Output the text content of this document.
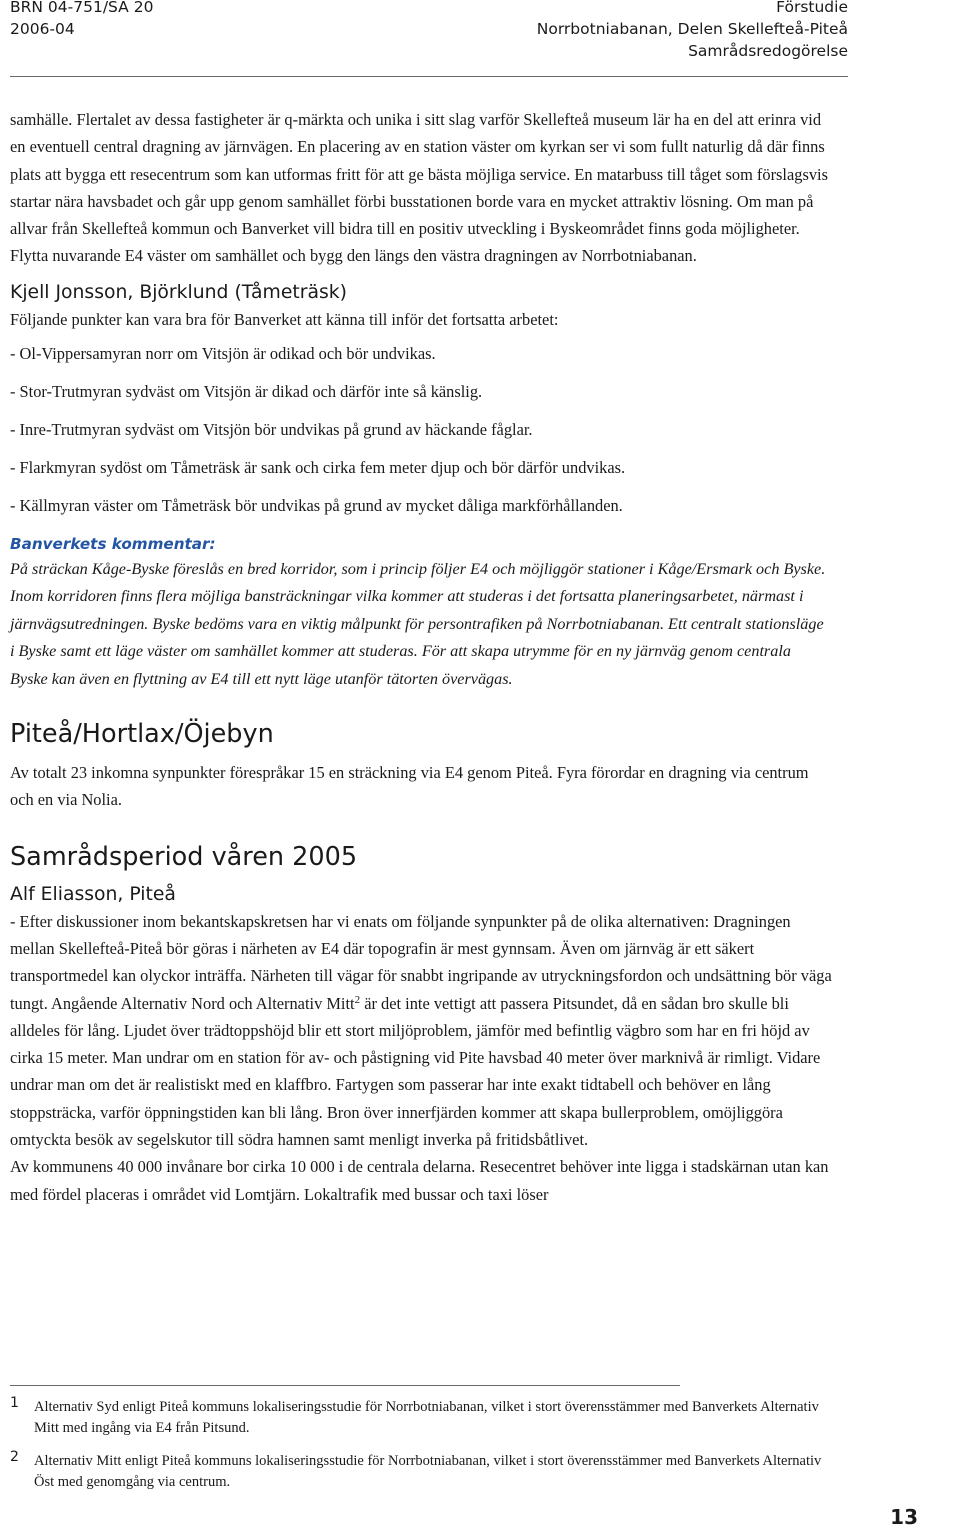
BRN 04-751/SA 20
2006-04
Förstudie
Norrbotniabanan, Delen Skellefteå-Piteå
Samrådsredogörelse

samhälle. Flertalet av dessa fastigheter är q-märkta och unika i sitt slag varför Skellefteå museum lär ha en del att erinra vid en eventuell central dragning av järnvägen. En placering av en station väster om kyrkan ser vi som fullt naturlig då där finns plats att bygga ett resecentrum som kan utformas fritt för att ge bästa möjliga service. En matarbuss till tåget som förslagsvis startar nära havsbadet och går upp genom samhället förbi busstationen borde vara en mycket attraktiv lösning. Om man på allvar från Skellefteå kommun och Banverket vill bidra till en positiv utveckling i Byskeområdet finns goda möjligheter. Flytta nuvarande E4 väster om samhället och bygg den längs den västra dragningen av Norrbotniabanan.

Kjell Jonsson, Björklund (Tåmeträsk)

Följande punkter kan vara bra för Banverket att känna till inför det fortsatta arbetet:

- Ol-Vippersamyran norr om Vitsjön är odikad och bör undvikas.

- Stor-Trutmyran sydväst om Vitsjön är dikad och därför inte så känslig.

- Inre-Trutmyran sydväst om Vitsjön bör undvikas på grund av häckande fåglar.

- Flarkmyran sydöst om Tåmeträsk är sank och cirka fem meter djup och bör därför undvikas.

- Källmyran väster om Tåmeträsk bör undvikas på grund av mycket dåliga markförhållanden.

Banverkets kommentar:

På sträckan Kåge-Byske föreslås en bred korridor, som i princip följer E4 och möjliggör stationer i Kåge/Ersmark och Byske. Inom korridoren finns flera möjliga bansträckningar vilka kommer att studeras i det fortsatta planeringsarbetet, närmast i järnvägsutredningen. Byske bedöms vara en viktig målpunkt för persontrafiken på Norrbotniabanan. Ett centralt stationsläge i Byske samt ett läge väster om samhället kommer att studeras. För att skapa utrymme för en ny järnväg genom centrala Byske kan även en flyttning av E4 till ett nytt läge utanför tätorten övervägas.

Piteå/Hortlax/Öjebyn

Av totalt 23 inkomna synpunkter förespråkar 15 en sträckning via E4 genom Piteå. Fyra förordar en dragning via centrum och en via Nolia.

Samrådsperiod våren 2005
Alf Eliasson, Piteå

- Efter diskussioner inom bekantskapskretsen har vi enats om följande synpunkter på de olika alternativen: Dragningen mellan Skellefteå-Piteå bör göras i närheten av E4 där topografin är mest gynnsam. Även om järnväg är ett säkert transportmedel kan olyckor inträffa. Närheten till vägar för snabbt ingripande av utryckningsfordon och undsättning bör väga tungt. Angående Alternativ Nord och Alternativ Mitt$^2$ är det inte vettigt att passera Pitsundet, då en sådan bro skulle bli alldeles för lång. Ljudet över trädtoppshöjd blir ett stort miljöproblem, jämför med befintlig vägbro som har en fri höjd av cirka 15 meter. Man undrar om en station för av- och påstigning vid Pite havsbad 40 meter över marknivå är rimligt. Vidare undrar man om det är realistiskt med en klaffbro. Fartygen som passerar har inte exakt tidtabell och behöver en lång stoppsträcka, varför öppningstiden kan bli lång. Bron över innerfjärden kommer att skapa bullerproblem, omöjliggöra omtyckta besök av segelskutor till södra hamnen samt menligt inverka på fritidsbåtlivet.

Av kommunens 40 000 invånare bor cirka 10 000 i de centrala delarna. Resecentret behöver inte ligga i stadskärnan utan kan med fördel placeras i området vid Lomtjärn. Lokaltrafik med bussar och taxi löser

1 Alternativ Syd enligt Piteå kommuns lokaliseringsstudie för Norrbotniabanan, vilket i stort överensstämmer med Banverkets Alternativ Mitt med ingång via E4 från Pitsund.
2 Alternativ Mitt enligt Piteå kommuns lokaliseringsstudie för Norrbotniabanan, vilket i stort överensstämmer med Banverkets Alternativ Öst med genomgång via centrum.
13
